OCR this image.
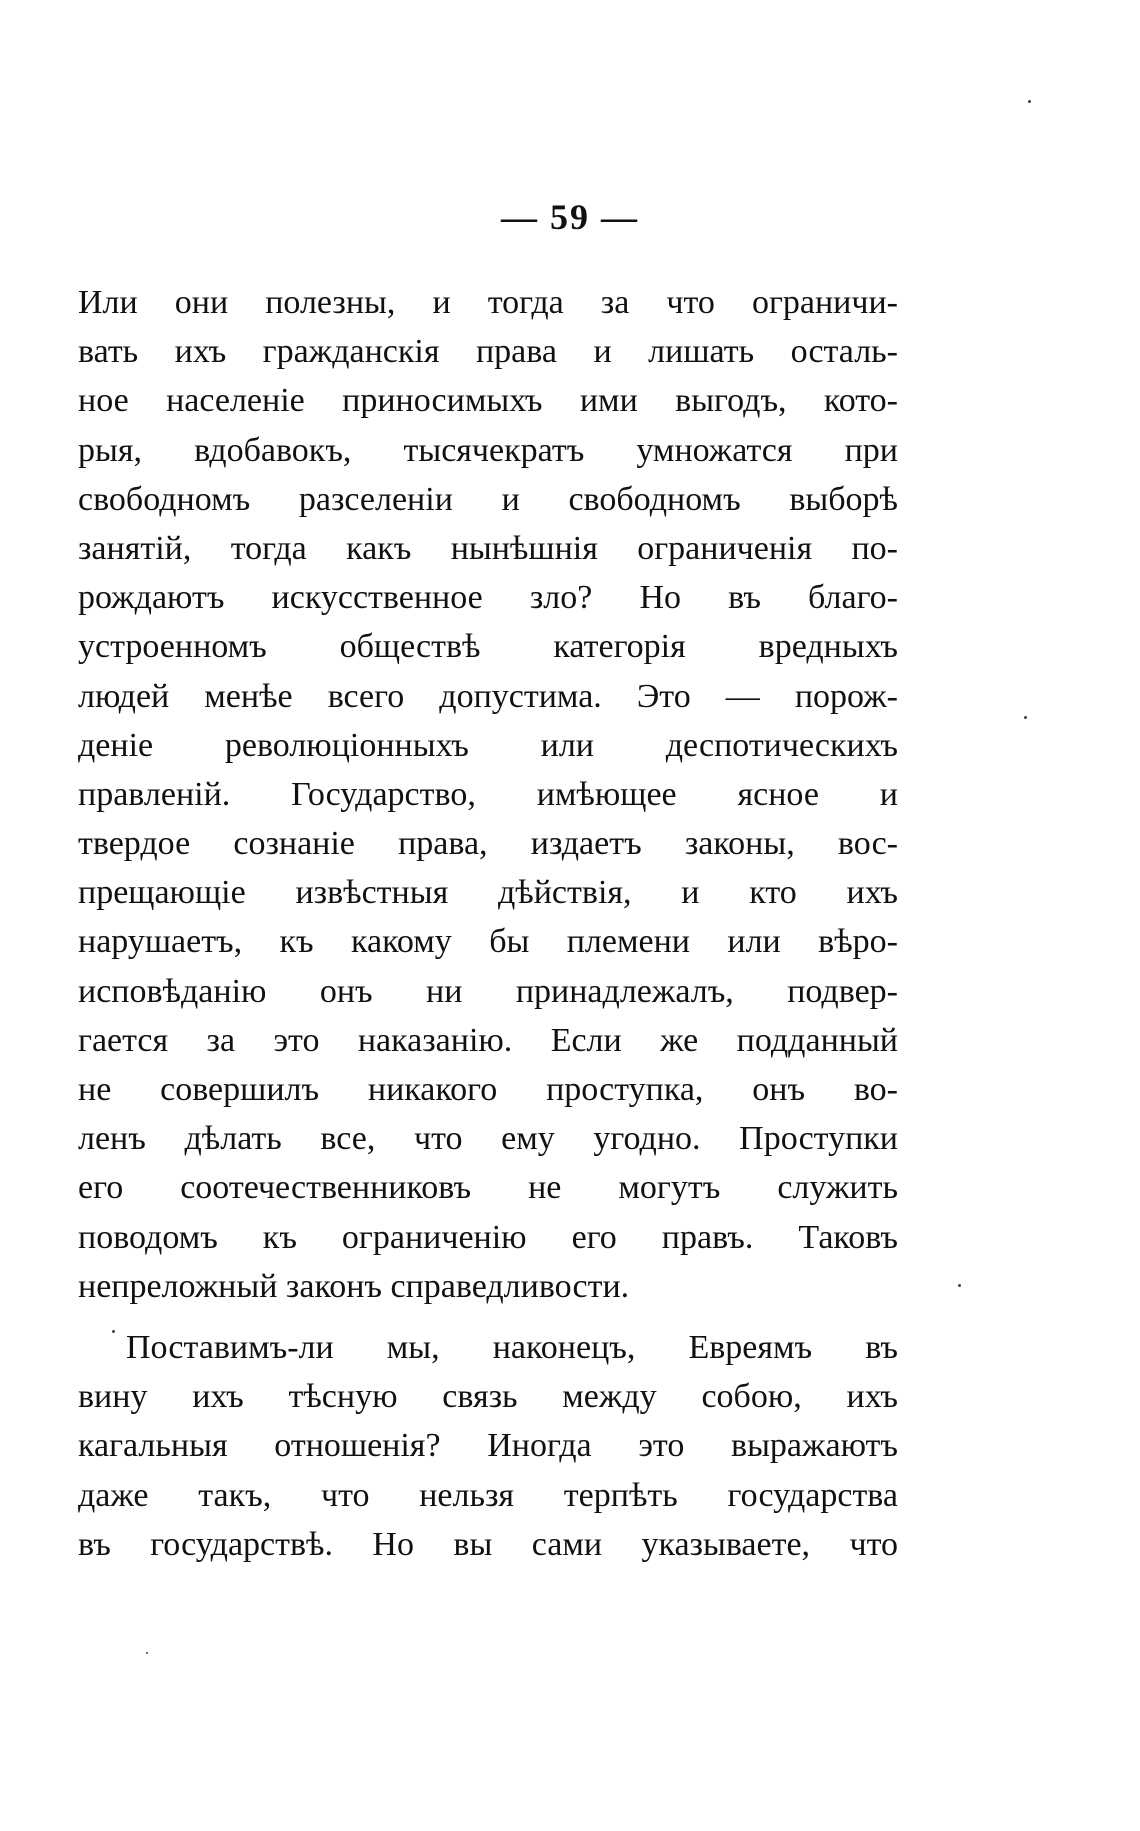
— 59 —
Или они полезны, и тогда за что ограничи-
вать ихъ гражданскія права и лишать осталь-
ное населеніе приносимыхъ ими выгодъ, кото-
рыя, вдобавокъ, тысячекратъ умножатся при
свободномъ разселеніи и свободномъ выборѣ
занятій, тогда какъ нынѣшнія ограниченія по-
рождаютъ искусственное зло? Но въ благо-
устроенномъ обществѣ категорія вредныхъ
людей менѣе всего допустима. Это — порож-
деніе революціонныхъ или деспотическихъ
правленій. Государство, имѣющее ясное и
твердое сознаніе права, издаетъ законы, вос-
прещающіе извѣстныя дѣйствія, и кто ихъ
нарушаетъ, къ какому бы племени или вѣро-
исповѣданію онъ ни принадлежалъ, подвер-
гается за это наказанію. Если же подданный
не совершилъ никакого проступка, онъ во-
ленъ дѣлать все, что ему угодно. Проступки
его соотечественниковъ не могутъ служить
поводомъ къ ограниченію его правъ. Таковъ
непреложный законъ справедливости.
Поставимъ-ли мы, наконецъ, Евреямъ въ
вину ихъ тѣсную связь между собою, ихъ
кагальныя отношенія? Иногда это выражаютъ
даже такъ, что нельзя терпѣть государства
въ государствѣ. Но вы сами указываете, что
